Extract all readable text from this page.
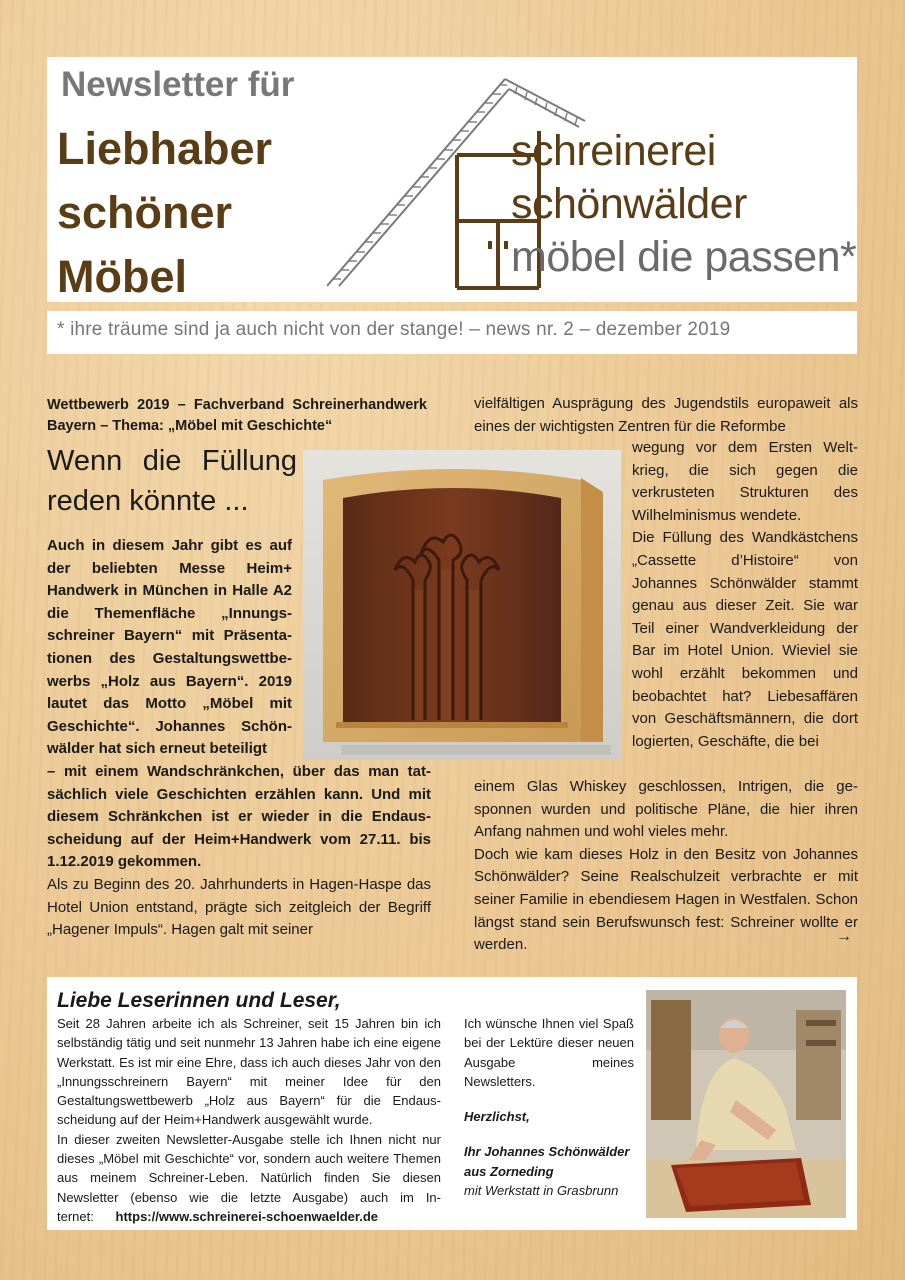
Newsletter für
Liebhaber
schöner
Möbel
schreinerei
schönwälder
möbel die passen*
* ihre träume sind ja auch nicht von der stange! – news nr. 2 – dezember 2019

Wettbewerb 2019 – Fachverband Schreinerhandwerk Bayern – Thema: „Möbel mit Geschichte“

Wenn die Füllung reden könnte ...

Auch in diesem Jahr gibt es auf der beliebten Messe Heim+ Handwerk in München in Halle A2 die Themenfläche „Innungsschreiner Bayern“ mit Präsentationen des Gestaltungswettbewerbs „Holz aus Bayern“. 2019 lautet das Motto „Möbel mit Geschichte“. Johannes Schönwälder hat sich erneut beteiligt

– mit einem Wandschränkchen, über das man tatsächlich viele Geschichten erzählen kann. Und mit diesem Schränkchen ist er wieder in die Endausscheidung auf der Heim+Handwerk vom 27.11. bis 1.12.2019 gekommen.

Als zu Beginn des 20. Jahrhunderts in Hagen-Haspe das Hotel Union entstand, prägte sich zeitgleich der Begriff „Hagener Impuls“. Hagen galt mit seiner

vielfältigen Ausprägung des Jugendstils europaweit als eines der wichtigsten Zentren für die Reformbe

wegung vor dem Ersten Weltkrieg, die sich gegen die verkrusteten Strukturen des Wilhelminismus wendete.

Die Füllung des Wandkästchens „Cassette d’Histoire“ von Johannes Schönwälder stammt genau aus dieser Zeit. Sie war Teil einer Wandverkleidung der Bar im Hotel Union. Wieviel sie wohl erzählt bekommen und beobachtet hat? Liebesaffären von Geschäftsmännern, die dort logierten, Geschäfte, die bei

einem Glas Whiskey geschlossen, Intrigen, die gesponnen wurden und politische Pläne, die hier ihren Anfang nahmen und wohl vieles mehr.

Doch wie kam dieses Holz in den Besitz von Johannes Schönwälder? Seine Realschulzeit verbrachte er mit seiner Familie in ebendiesem Hagen in Westfalen. Schon längst stand sein Berufswunsch fest: Schreiner wollte er werden.	→
Liebe Leserinnen und Leser,

Seit 28 Jahren arbeite ich als Schreiner, seit 15 Jahren bin ich selbständig tätig und seit nunmehr 13 Jahren habe ich eine eigene Werkstatt. Es ist mir eine Ehre, dass ich auch dieses Jahr von den „Innungsschreinern Bayern“ mit meiner Idee für den Gestaltungswettbewerb „Holz aus Bayern“ für die Endausscheidung auf der Heim+Handwerk ausgewählt wurde.

In dieser zweiten Newsletter-Ausgabe stelle ich Ihnen nicht nur dieses „Möbel mit Geschichte“ vor, sondern auch weitere Themen aus meinem Schreiner-Leben. Natürlich finden Sie diesen Newsletter (ebenso wie die letzte Ausgabe) auch im Internet: https://www.schreinerei-schoenwaelder.de

Ich wünsche Ihnen viel Spaß bei der Lektüre dieser neuen Ausgabe meines Newsletters.

Herzlichst,

Ihr Johannes Schönwälder aus Zorneding

mit Werkstatt in Grasbrunn
